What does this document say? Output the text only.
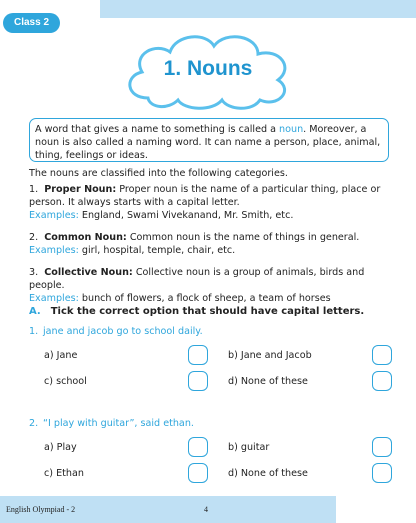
Class 2
1. Nouns
A word that gives a name to something is called a noun. Moreover, a noun is also called a naming word. It can name a person, place, animal, thing, feelings or ideas.
The nouns are classified into the following categories.
1. Proper Noun: Proper noun is the name of a particular thing, place or person. It always starts with a capital letter.
Examples: England, Swami Vivekanand, Mr. Smith, etc.
2. Common Noun: Common noun is the name of things in general.
Examples: girl, hospital, temple, chair, etc.
3. Collective Noun: Collective noun is a group of animals, birds and people.
Examples: bunch of flowers, a flock of sheep, a team of horses
A. Tick the correct option that should have capital letters.
1. jane and jacob go to school daily.
a) Jane	b) Jane and Jacob
c) school	d) None of these
2. “I play with guitar”, said ethan.
a) Play	b) guitar
c) Ethan	d) None of these
English Olympiad - 2	4
